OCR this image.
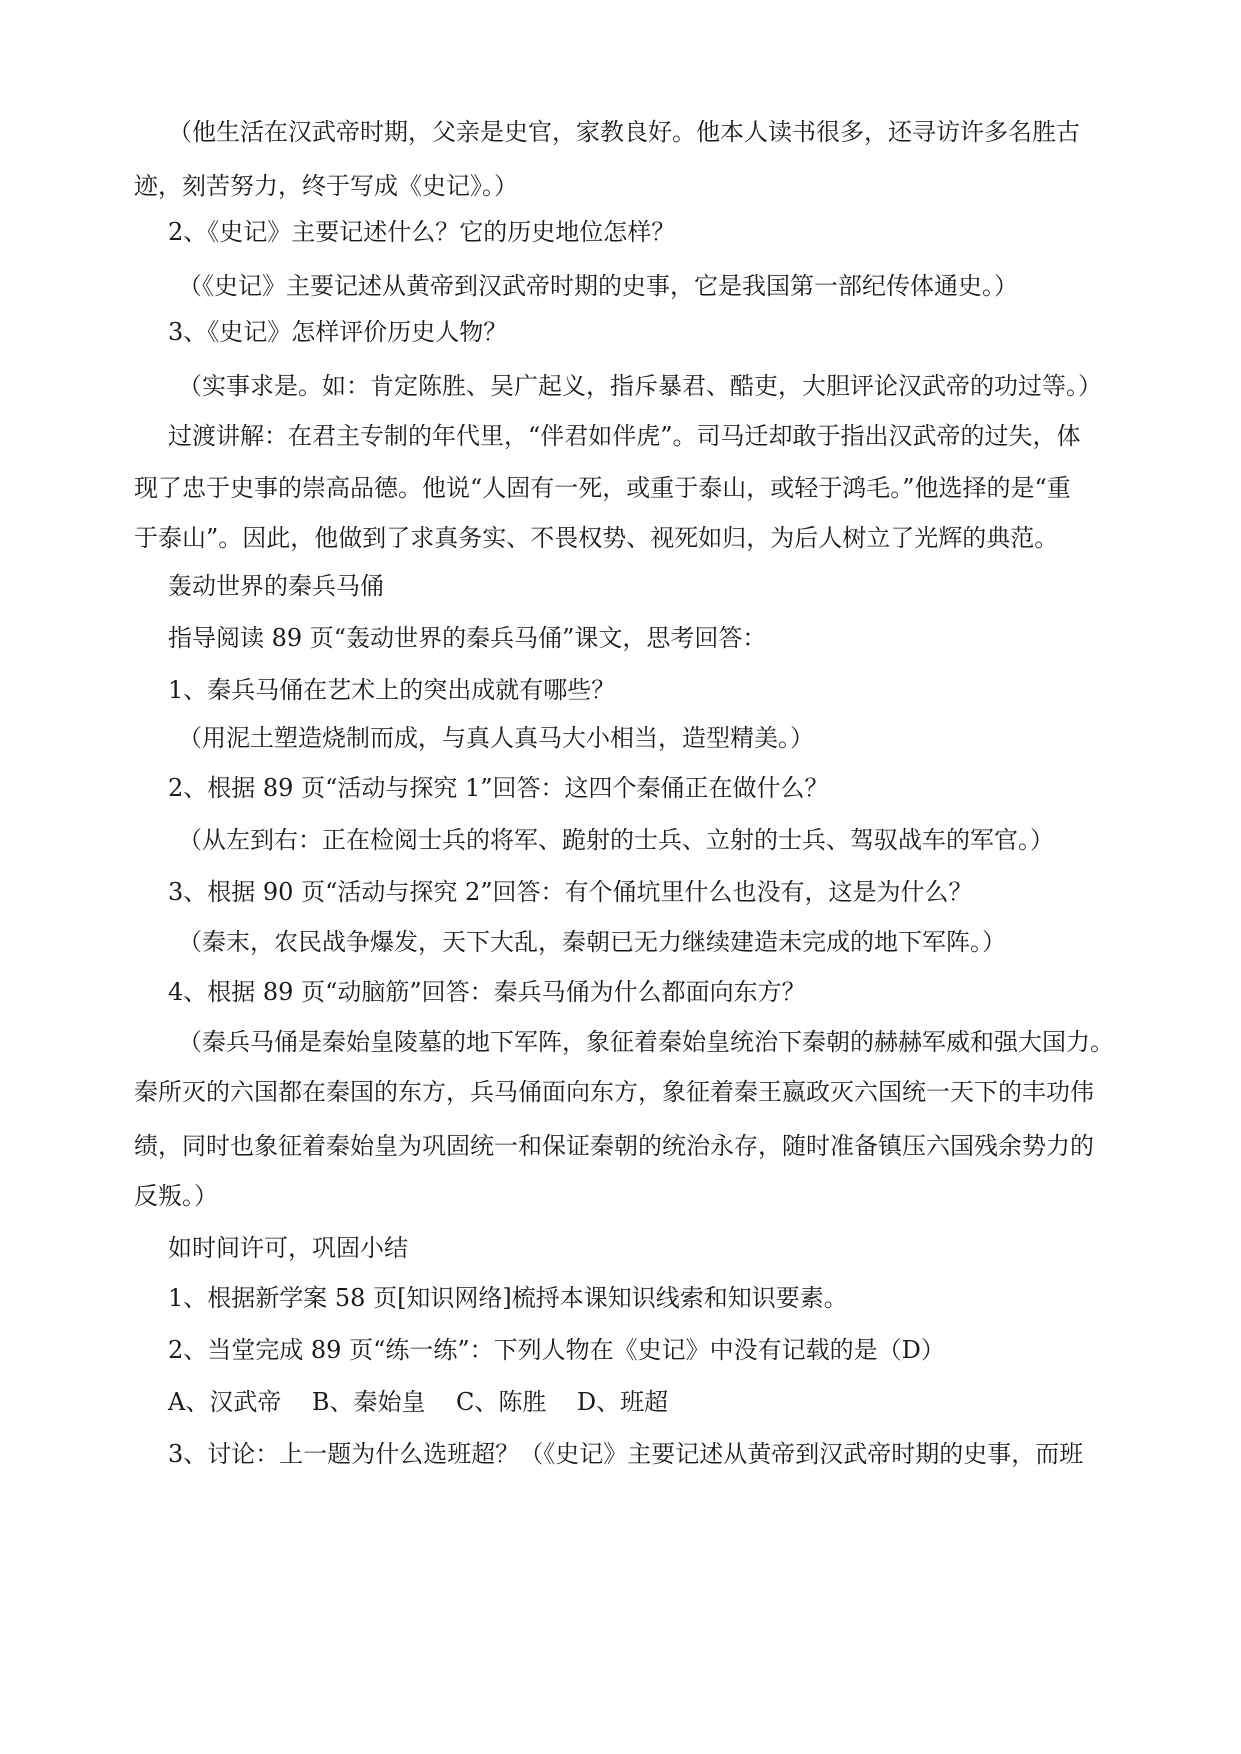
（他生活在汉武帝时期，父亲是史官，家教良好。他本人读书很多，还寻访许多名胜古

迹，刻苦努力，终于写成《史记》。）

2、《史记》主要记述什么？它的历史地位怎样？

（《史记》主要记述从黄帝到汉武帝时期的史事，它是我国第一部纪传体通史。）

3、《史记》怎样评价历史人物？

（实事求是。如：肯定陈胜、吴广起义，指斥暴君、酷吏，大胆评论汉武帝的功过等。）

过渡讲解：在君主专制的年代里，“伴君如伴虎”。司马迁却敢于指出汉武帝的过失，体

现了忠于史事的崇高品德。他说“人固有一死，或重于泰山，或轻于鸿毛。”他选择的是“重

于泰山”。因此，他做到了求真务实、不畏权势、视死如归，为后人树立了光辉的典范。

轰动世界的秦兵马俑

指导阅读 89 页“轰动世界的秦兵马俑”课文，思考回答：

1、秦兵马俑在艺术上的突出成就有哪些？

（用泥土塑造烧制而成，与真人真马大小相当，造型精美。）

2、根据 89 页“活动与探究 1”回答：这四个秦俑正在做什么？

（从左到右：正在检阅士兵的将军、跪射的士兵、立射的士兵、驾驭战车的军官。）

3、根据 90 页“活动与探究 2”回答：有个俑坑里什么也没有，这是为什么？

（秦末，农民战争爆发，天下大乱，秦朝已无力继续建造未完成的地下军阵。）

4、根据 89 页“动脑筋”回答：秦兵马俑为什么都面向东方？

（秦兵马俑是秦始皇陵墓的地下军阵，象征着秦始皇统治下秦朝的赫赫军威和强大国力。

秦所灭的六国都在秦国的东方，兵马俑面向东方，象征着秦王嬴政灭六国统一天下的丰功伟

绩，同时也象征着秦始皇为巩固统一和保证秦朝的统治永存，随时准备镇压六国残余势力的

反叛。）

如时间许可，巩固小结

1、根据新学案 58 页[知识网络]梳捋本课知识线索和知识要素。

2、当堂完成 89 页“练一练”：下列人物在《史记》中没有记载的是（D）

A、汉武帝    B、秦始皇    C、陈胜    D、班超

3、讨论：上一题为什么选班超？（《史记》主要记述从黄帝到汉武帝时期的史事，而班
